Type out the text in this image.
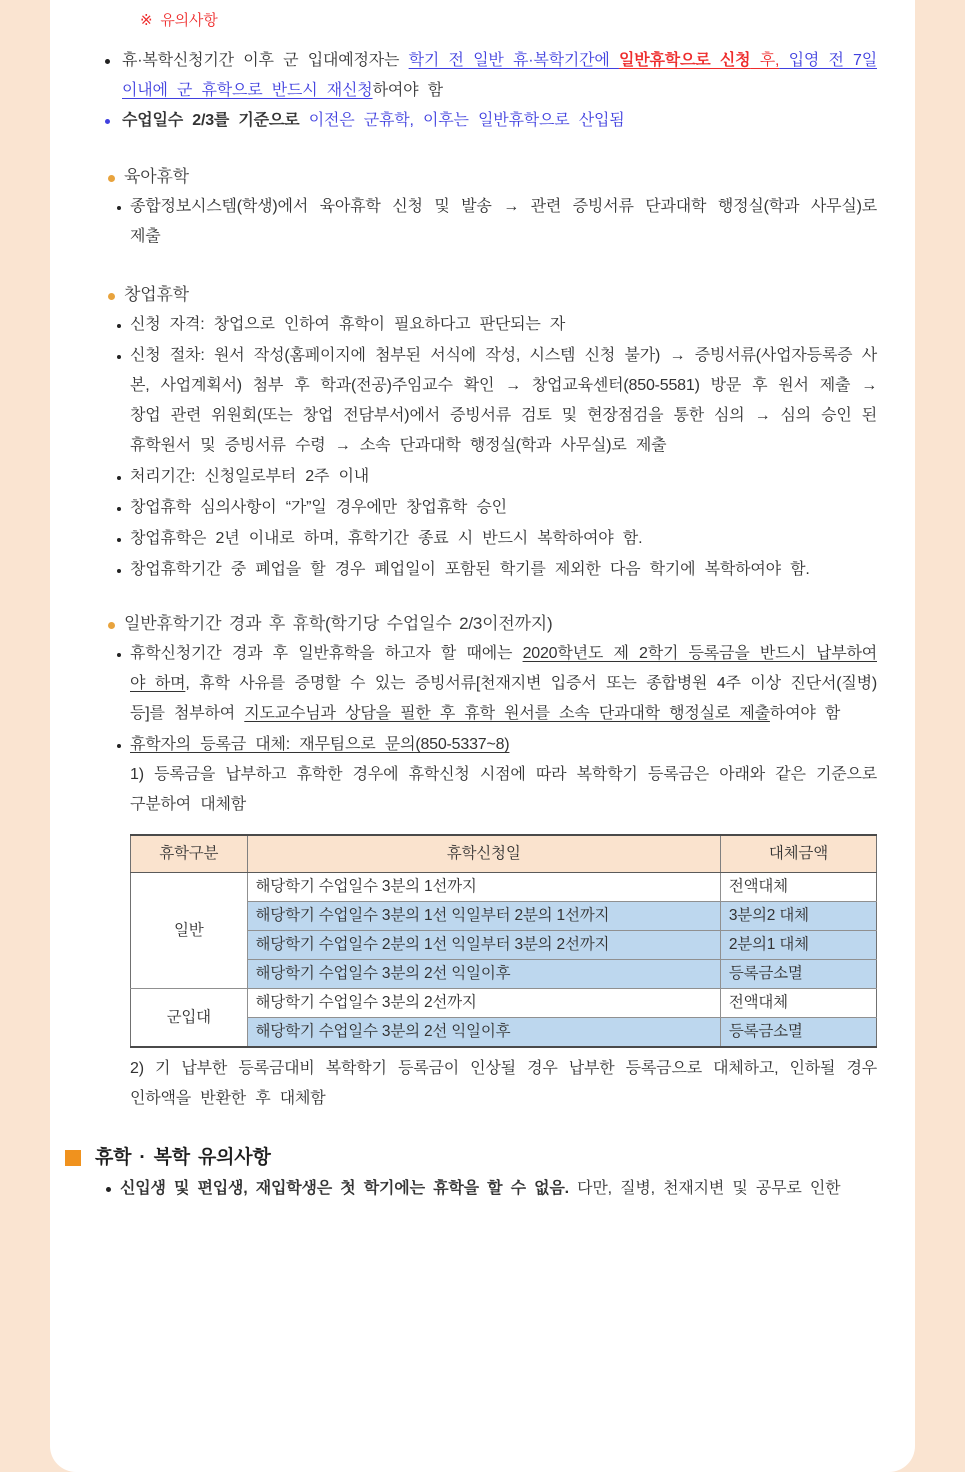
※ 유의사항
휴·복학신청기간 이후 군 입대예정자는 학기 전 일반 휴·복학기간에 일반휴학으로 신청 후, 입영 전 7일 이내에 군 휴학으로 반드시 재신청하여야 함
수업일수 2/3를 기준으로 이전은 군휴학, 이후는 일반휴학으로 산입됨
육아휴학
종합정보시스템(학생)에서 육아휴학 신청 및 발송 → 관련 증빙서류 단과대학 행정실(학과 사무실)로 제출
창업휴학
신청 자격: 창업으로 인하여 휴학이 필요하다고 판단되는 자
신청 절차: 원서 작성(홈페이지에 첨부된 서식에 작성, 시스템 신청 불가) → 증빙서류(사업자등록증 사본, 사업계획서) 첨부 후 학과(전공)주임교수 확인 → 창업교육센터(850-5581) 방문 후 원서 제출 → 창업 관련 위원회(또는 창업 전담부서)에서 증빙서류 검토 및 현장점검을 통한 심의 → 심의 승인 된 휴학원서 및 증빙서류 수령 → 소속 단과대학 행정실(학과 사무실)로 제출
처리기간: 신청일로부터 2주 이내
창업휴학 심의사항이 “가”일 경우에만 창업휴학 승인
창업휴학은 2년 이내로 하며, 휴학기간 종료 시 반드시 복학하여야 함.
창업휴학기간 중 폐업을 할 경우 폐업일이 포함된 학기를 제외한 다음 학기에 복학하여야 함.
일반휴학기간 경과 후 휴학(학기당 수업일수 2/3이전까지)
휴학신청기간 경과 후 일반휴학을 하고자 할 때에는 2020학년도 제 2학기 등록금을 반드시 납부하여야 하며, 휴학 사유를 증명할 수 있는 증빙서류[천재지변 입증서 또는 종합병원 4주 이상 진단서(질병) 등]를 첨부하여 지도교수님과 상담을 필한 후 휴학 원서를 소속 단과대학 행정실로 제출하여야 함
휴학자의 등록금 대체: 재무팀으로 문의(850-5337~8)
1) 등록금을 납부하고 휴학한 경우에 휴학신청 시점에 따라 복학학기 등록금은 아래와 같은 기준으로 구분하여 대체함
휴학구분	휴학신청일	대체금액
일반	해당학기 수업일수 3분의 1선까지	전액대체
	해당학기 수업일수 3분의 1선 익일부터 2분의 1선까지	3분의2 대체
	해당학기 수업일수 2분의 1선 익일부터 3분의 2선까지	2분의1 대체
	해당학기 수업일수 3분의 2선 익일이후	등록금소멸
군입대	해당학기 수업일수 3분의 2선까지	전액대체
	해당학기 수업일수 3분의 2선 익일이후	등록금소멸
2) 기 납부한 등록금대비 복학학기 등록금이 인상될 경우 납부한 등록금으로 대체하고, 인하될 경우 인하액을 반환한 후 대체함
휴학 · 복학 유의사항
신입생 및 편입생, 재입학생은 첫 학기에는 휴학을 할 수 없음. 다만, 질병, 천재지변 및 공무로 인한
